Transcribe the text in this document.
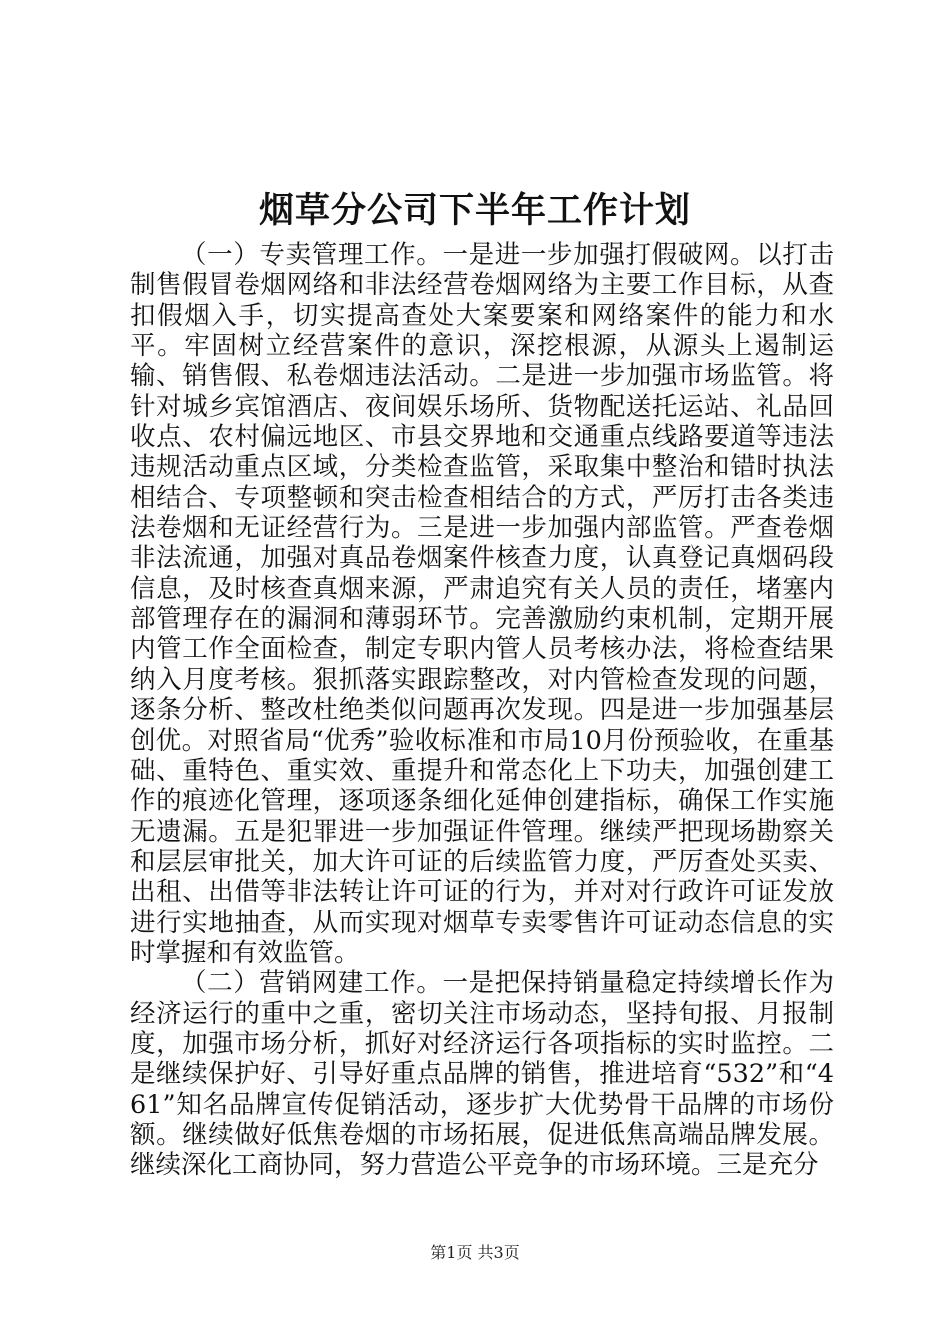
烟草分公司下半年工作计划

（一）专卖管理工作。一是进一步加强打假破网。以打击制售假冒卷烟网络和非法经营卷烟网络为主要工作目标，从查扣假烟入手，切实提高查处大案要案和网络案件的能力和水平。牢固树立经营案件的意识，深挖根源，从源头上遏制运输、销售假、私卷烟违法活动。二是进一步加强市场监管。将针对城乡宾馆酒店、夜间娱乐场所、货物配送托运站、礼品回收点、农村偏远地区、市县交界地和交通重点线路要道等违法违规活动重点区域，分类检查监管，采取集中整治和错时执法相结合、专项整顿和突击检查相结合的方式，严厉打击各类违法卷烟和无证经营行为。三是进一步加强内部监管。严查卷烟非法流通，加强对真品卷烟案件核查力度，认真登记真烟码段信息，及时核查真烟来源，严肃追究有关人员的责任，堵塞内部管理存在的漏洞和薄弱环节。完善激励约束机制，定期开展内管工作全面检查，制定专职内管人员考核办法，将检查结果纳入月度考核。狠抓落实跟踪整改，对内管检查发现的问题，逐条分析、整改杜绝类似问题再次发现。四是进一步加强基层创优。对照省局“优秀”验收标准和市局10月份预验收，在重基础、重特色、重实效、重提升和常态化上下功夫，加强创建工作的痕迹化管理，逐项逐条细化延伸创建指标，确保工作实施无遗漏。五是犯罪进一步加强证件管理。继续严把现场勘察关和层层审批关，加大许可证的后续监管力度，严厉查处买卖、出租、出借等非法转让许可证的行为，并对对行政许可证发放进行实地抽查，从而实现对烟草专卖零售许可证动态信息的实时掌握和有效监管。

（二）营销网建工作。一是把保持销量稳定持续增长作为经济运行的重中之重，密切关注市场动态，坚持旬报、月报制度，加强市场分析，抓好对经济运行各项指标的实时监控。二是继续保护好、引导好重点品牌的销售，推进培育“532”和“461”知名品牌宣传促销活动，逐步扩大优势骨干品牌的市场份额。继续做好低焦卷烟的市场拓展，促进低焦高端品牌发展。继续深化工商协同，努力营造公平竞争的市场环境。三是充分

第1页 共3页
